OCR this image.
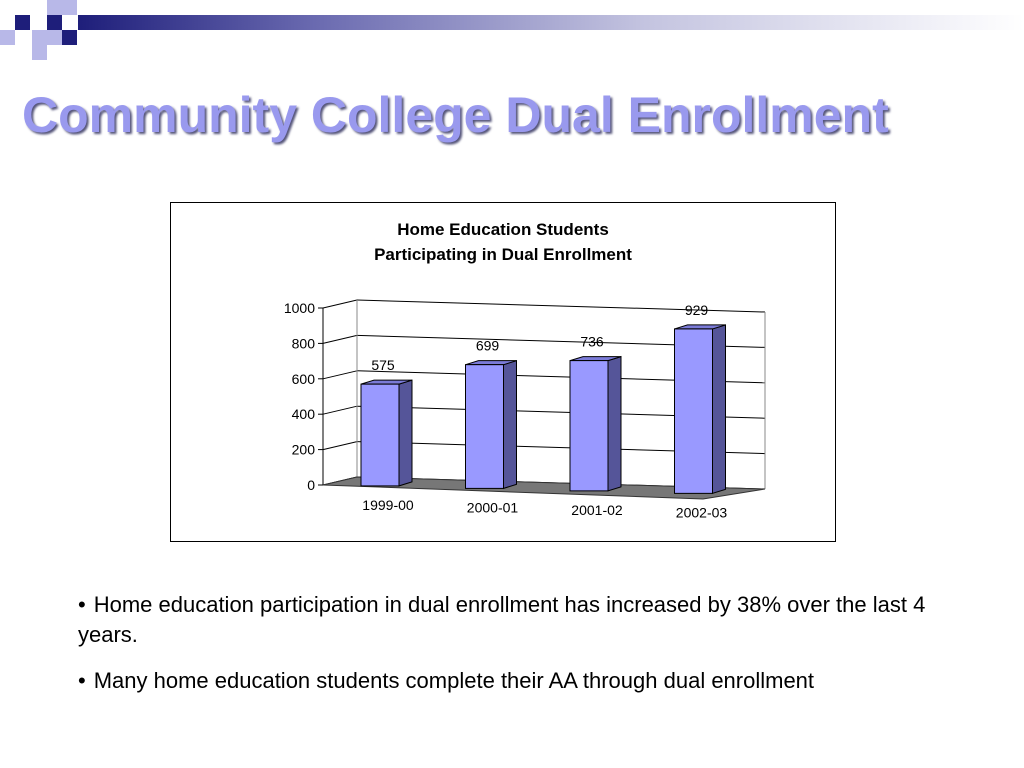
Community College Dual Enrollment
Home Education Students
Participating in Dual Enrollment
0
200
400
600
800
1000
575
1999-00
699
2000-01
736
2001-02
929
2002-03
• Home education participation in dual enrollment has increased by 38% over the last 4 years.
• Many home education students complete their AA through dual enrollment
